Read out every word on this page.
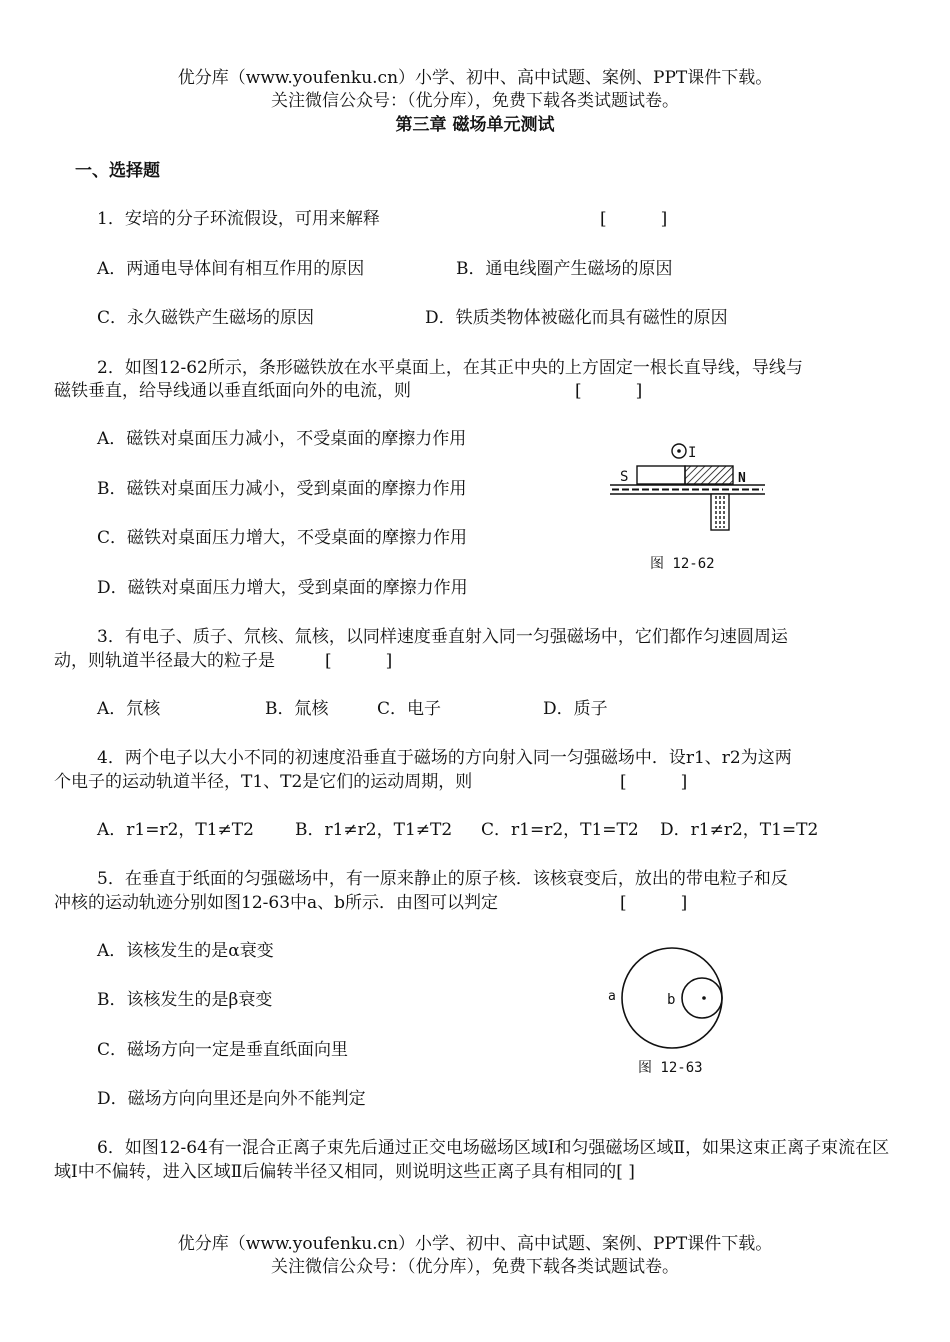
优分库（www.youfenku.cn）小学、初中、高中试题、案例、PPT课件下载。
关注微信公众号：（优分库），免费下载各类试题试卷。
第三章 磁场单元测试
一、选择题
1．安培的分子环流假设，可用来解释	[          ]
A．两通电导体间有相互作用的原因	B．通电线圈产生磁场的原因
C．永久磁铁产生磁场的原因	D．铁质类物体被磁化而具有磁性的原因
2．如图12-62所示，条形磁铁放在水平桌面上，在其正中央的上方固定一根长直导线，导线与
磁铁垂直，给导线通以垂直纸面向外的电流，则	[          ]
A．磁铁对桌面压力减小，不受桌面的摩擦力作用
B．磁铁对桌面压力减小，受到桌面的摩擦力作用
C．磁铁对桌面压力增大，不受桌面的摩擦力作用
D．磁铁对桌面压力增大，受到桌面的摩擦力作用
I
S	N
图 12-62
3．有电子、质子、氘核、氚核，以同样速度垂直射入同一匀强磁场中，它们都作匀速圆周运
动，则轨道半径最大的粒子是	[          ]
A．氘核	B．氚核	C．电子	D．质子
4．两个电子以大小不同的初速度沿垂直于磁场的方向射入同一匀强磁场中．设r1、r2为这两
个电子的运动轨道半径，T1、T2是它们的运动周期，则	[          ]
A．r1=r2，T1≠T2 B．r1≠r2，T1≠T2 C．r1=r2，T1=T2 D．r1≠r2，T1=T2
5．在垂直于纸面的匀强磁场中，有一原来静止的原子核．该核衰变后，放出的带电粒子和反
冲核的运动轨迹分别如图12-63中a、b所示．由图可以判定	[          ]
A．该核发生的是α衰变
B．该核发生的是β衰变
C．磁场方向一定是垂直纸面向里
D．磁场方向向里还是向外不能判定
a	b
图 12-63
6．如图12-64有一混合正离子束先后通过正交电场磁场区域Ⅰ和匀强磁场区域Ⅱ，如果这束正离子束流在区域Ⅰ中不偏转，进入区域Ⅱ后偏转半径又相同，则说明这些正离子具有相同的[ ]
优分库（www.youfenku.cn）小学、初中、高中试题、案例、PPT课件下载。
关注微信公众号：（优分库），免费下载各类试题试卷。
